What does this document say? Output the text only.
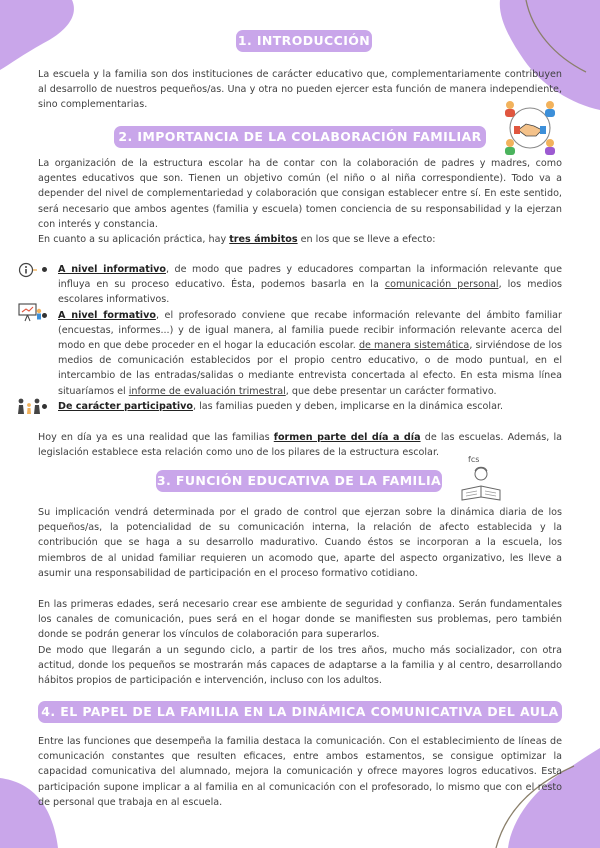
1. INTRODUCCIÓN
La escuela y la familia son dos instituciones de carácter educativo que, complementariamente contribuyen al desarrollo de nuestros pequeños/as. Una y otra no pueden ejercer esta función de manera independiente, sino complementarias.
2. IMPORTANCIA DE LA COLABORACIÓN FAMILIAR
La organización de la estructura escolar ha de contar con la colaboración de padres y madres, como agentes educativos que son. Tienen un objetivo común (el niño o al niña correspondiente). Todo va a depender del nivel de complementariedad y colaboración que consigan establecer entre sí. En este sentido, será necesario que ambos agentes (familia y escuela) tomen conciencia de su responsabilidad y la ejerzan con interés y constancia.
En cuanto a su aplicación práctica, hay tres ámbitos en los que se lleve a efecto:
A nivel informativo, de modo que padres y educadores compartan la información relevante que influya en su proceso educativo. Ésta, podemos basarla en la comunicación personal, los medios escolares informativos.
A nivel formativo, el profesorado conviene que recabe información relevante del ámbito familiar (encuestas, informes...) y de igual manera, al familia puede recibir información relevante acerca del modo en que debe proceder en el hogar la educación escolar. de manera sistemática, sirviéndose de los medios de comunicación establecidos por el propio centro educativo, o de modo puntual, en el intercambio de las entradas/salidas o mediante entrevista concertada al efecto. En esta misma línea situaríamos el informe de evaluación trimestral, que debe presentar un carácter formativo.
De carácter participativo, las familias pueden y deben, implicarse en la dinámica escolar.
Hoy en día ya es una realidad que las familias formen parte del día a día de las escuelas. Además, la legislación establece esta relación como uno de los pilares de la estructura escolar.
3. FUNCIÓN EDUCATIVA DE LA FAMILIA
fcs
Su implicación vendrá determinada por el grado de control que ejerzan sobre la dinámica diaria de los pequeños/as, la potencialidad de su comunicación interna, la relación de afecto establecida y la contribución que se haga a su desarrollo madurativo. Cuando éstos se incorporan a la escuela, los miembros de al unidad familiar requieren un acomodo que, aparte del aspecto organizativo, les lleve a asumir una responsabilidad de participación en el proceso formativo cotidiano.
En las primeras edades, será necesario crear ese ambiente de seguridad y confianza. Serán fundamentales los canales de comunicación, pues será en el hogar donde se manifiesten sus problemas, pero también donde se podrán generar los vínculos de colaboración para superarlos.
De modo que llegarán a un segundo ciclo, a partir de los tres años, mucho más socializador, con otra actitud, donde los pequeños se mostrarán más capaces de adaptarse a la familia y al centro, desarrollando hábitos propios de participación e intervención, incluso con los adultos.
4. EL PAPEL DE LA FAMILIA EN LA DINÁMICA COMUNICATIVA DEL AULA
Entre las funciones que desempeña la familia destaca la comunicación. Con el establecimiento de líneas de comunicación constantes que resulten eficaces, entre ambos estamentos, se consigue optimizar la capacidad comunicativa del alumnado, mejora la comunicación y ofrece mayores logros educativos. Esta participación supone implicar a al familia en al comunicación con el profesorado, lo mismo que con el resto de personal que trabaja en al escuela.
